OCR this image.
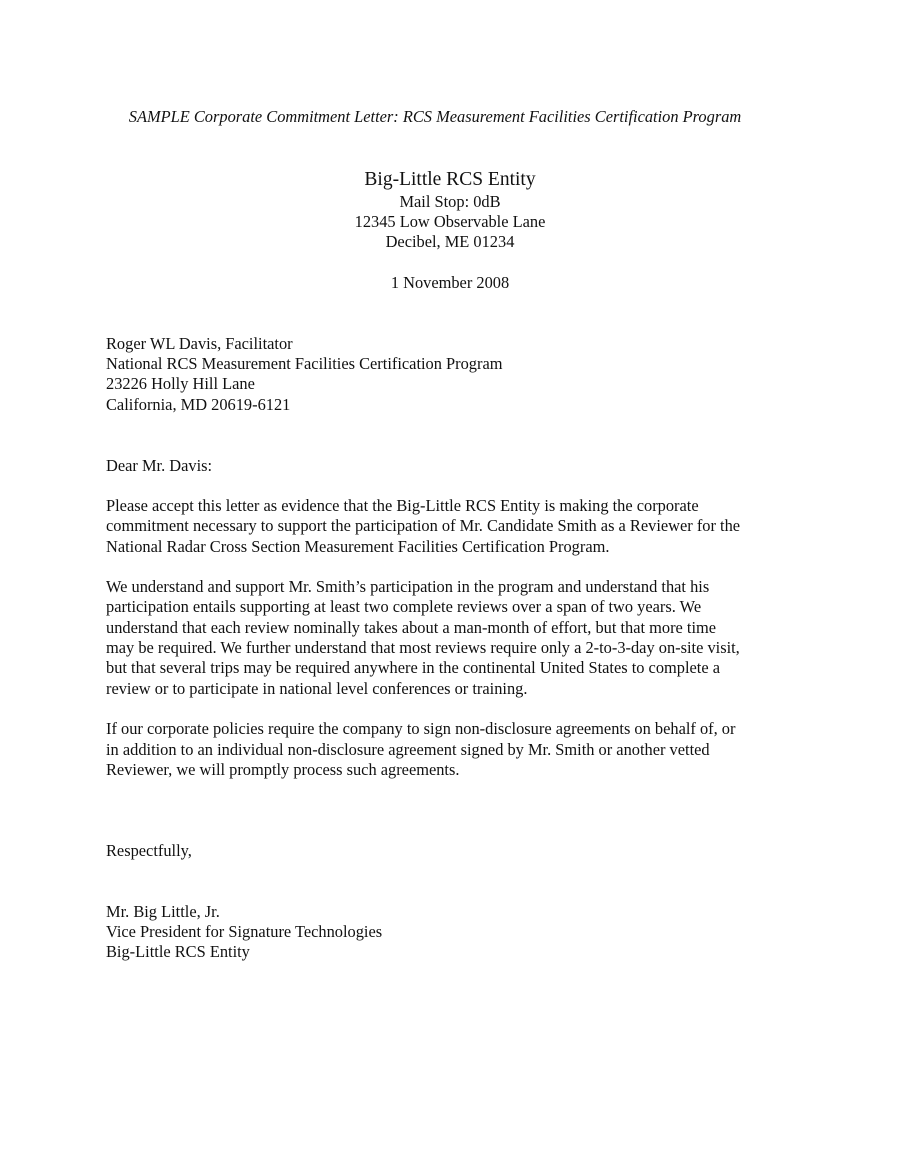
SAMPLE Corporate Commitment Letter: RCS Measurement Facilities Certification Program
Big-Little RCS Entity
Mail Stop: 0dB
12345 Low Observable Lane
Decibel, ME 01234
1 November 2008
Roger WL Davis, Facilitator
National RCS Measurement Facilities Certification Program
23226 Holly Hill Lane
California, MD 20619-6121
Dear Mr. Davis:
Please accept this letter as evidence that the Big-Little RCS Entity is making the corporate
commitment necessary to support the participation of Mr. Candidate Smith as a Reviewer for the
National Radar Cross Section Measurement Facilities Certification Program.
We understand and support Mr. Smith’s participation in the program and understand that his
participation entails supporting at least two complete reviews over a span of two years. We
understand that each review nominally takes about a man-month of effort, but that more time
may be required. We further understand that most reviews require only a 2-to-3-day on-site visit,
but that several trips may be required anywhere in the continental United States to complete a
review or to participate in national level conferences or training.
If our corporate policies require the company to sign non-disclosure agreements on behalf of, or
in addition to an individual non-disclosure agreement signed by Mr. Smith or another vetted
Reviewer, we will promptly process such agreements.
Respectfully,
Mr. Big Little, Jr.
Vice President for Signature Technologies
Big-Little RCS Entity
